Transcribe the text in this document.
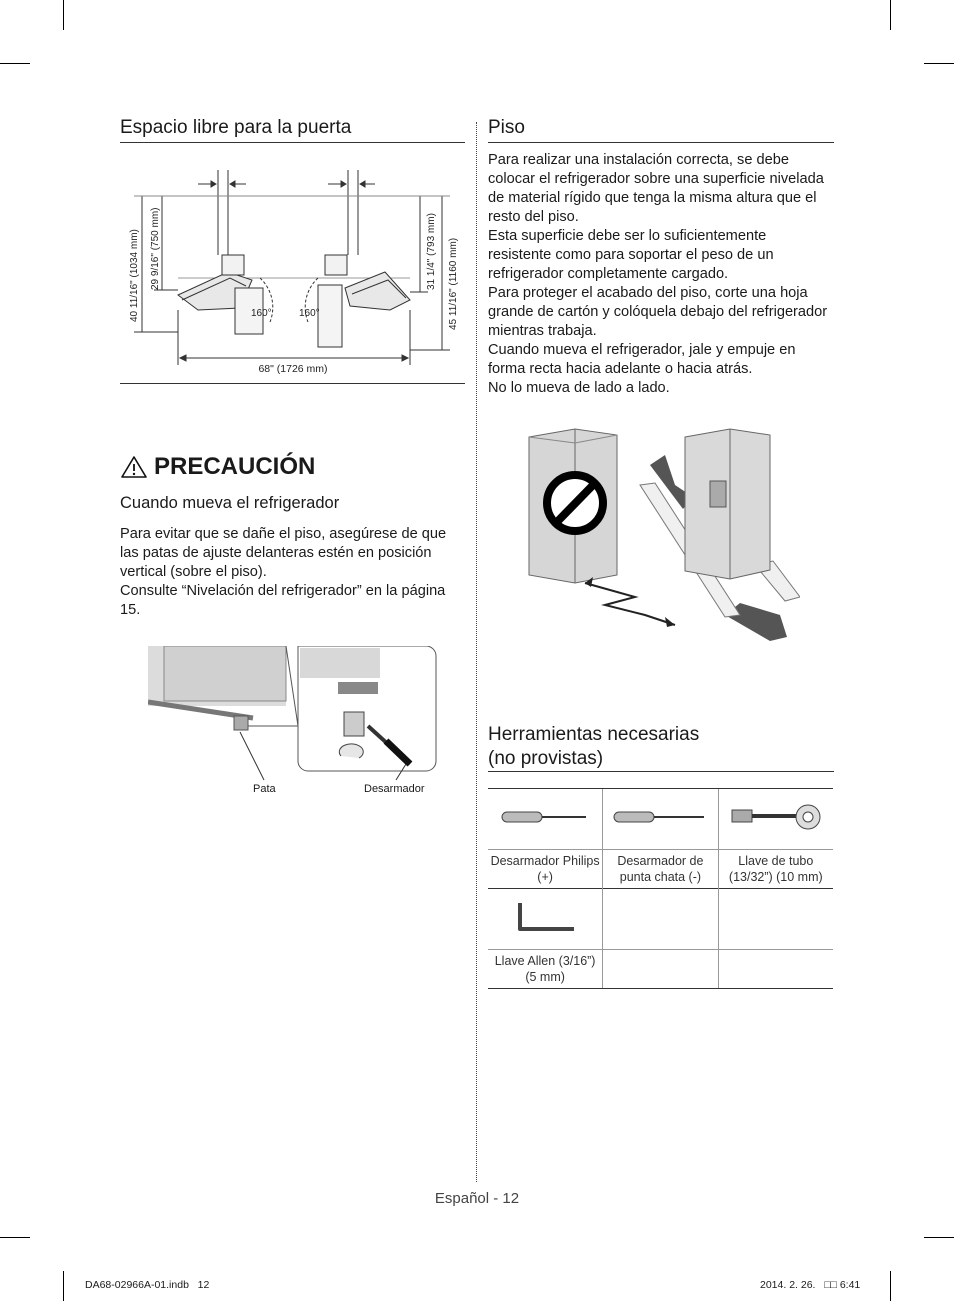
Espacio libre para la puerta
40 11/16" (1034 mm) 29 9/16" (750 mm)	31 1/4" (793 mm) 45 11/16" (1160 mm)
160°	160°
68" (1726 mm)
PRECAUCIÓN
Cuando mueva el refrigerador
Para evitar que se dañe el piso, asegúrese de que las patas de ajuste delanteras estén en posición vertical (sobre el piso).
Consulte “Nivelación del refrigerador” en la página 15.
Pata	Desarmador
Piso
Para realizar una instalación correcta, se debe colocar el refrigerador sobre una superficie nivelada de material rígido que tenga la misma altura que el resto del piso.
Esta superficie debe ser lo suficientemente resistente como para soportar el peso de un refrigerador completamente cargado.
Para proteger el acabado del piso, corte una hoja grande de cartón y colóquela debajo del refrigerador mientras trabaja.
Cuando mueva el refrigerador, jale y empuje en forma recta hacia adelante o hacia atrás.
No lo mueva de lado a lado.
Herramientas necesarias
(no provistas)

Desarmador Philips (+)	Desarmador de punta chata (-)	Llave de tubo (13/32”) (10 mm)

Llave Allen (3/16”) (5 mm)		
Español - 12
DA68-02966A-01.indb   12	2014. 2. 26.   □□ 6:41
